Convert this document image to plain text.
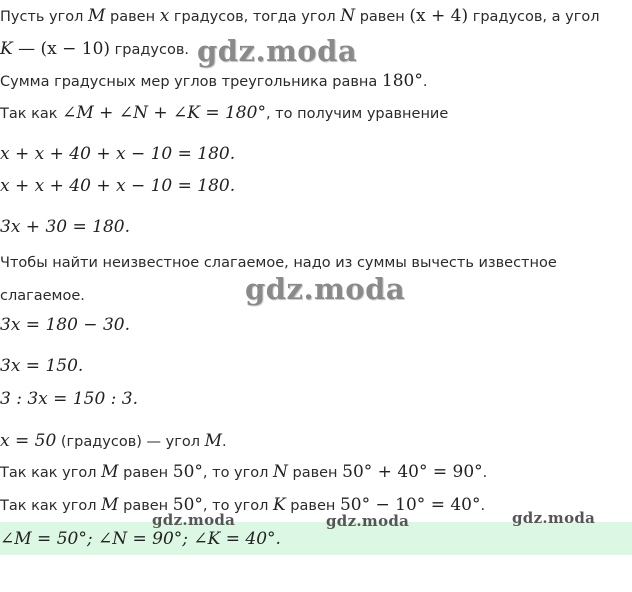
Пусть угол M равен x градусов, тогда угол N равен (x + 4) градусов, а угол
K — (x − 10) градусов. gdz.moda
Сумма градусных мер углов треугольника равна 180°.
Так как ∠M + ∠N + ∠K = 180°, то получим уравнение
x + x + 40 + x − 10 = 180.
x + x + 40 + x − 10 = 180.
3x + 30 = 180.
Чтобы найти неизвестное слагаемое, надо из суммы вычесть известное
слагаемое.	gdz.moda
3x = 180 − 30.
3x = 150.
3 : 3x = 150 : 3.
x = 50 (градусов) — угол M.
Так как угол M равен 50°, то угол N равен 50° + 40° = 90°.
Так как угол M равен 50°, то угол K равен 50° − 10° = 40°.
gdz.moda	gdz.moda	gdz.moda
∠M = 50°; ∠N = 90°; ∠K = 40°.
